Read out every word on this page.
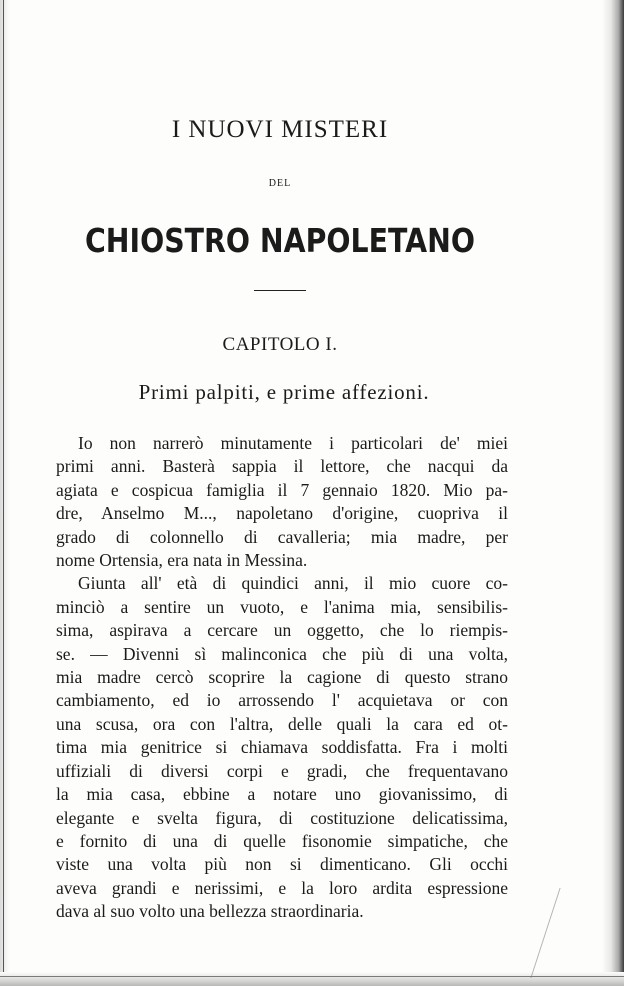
I NUOVI MISTERI
DEL
CHIOSTRO NAPOLETANO
CAPITOLO I.
Primi palpiti, e prime affezioni.

Io non narrerò minutamente i particolari de' miei
primi anni. Basterà sappia il lettore, che nacqui da
agiata e cospicua famiglia il 7 gennaio 1820. Mio pa-
dre, Anselmo M..., napoletano d'origine, cuopriva il
grado di colonnello di cavalleria; mia madre, per
nome Ortensia, era nata in Messina.

Giunta all' età di quindici anni, il mio cuore co-
minciò a sentire un vuoto, e l'anima mia, sensibilis-
sima, aspirava a cercare un oggetto, che lo riempis-
se. — Divenni sì malinconica che più di una volta,
mia madre cercò scoprire la cagione di questo strano
cambiamento, ed io arrossendo l' acquietava or con
una scusa, ora con l'altra, delle quali la cara ed ot-
tima mia genitrice si chiamava soddisfatta. Fra i molti
uffiziali di diversi corpi e gradi, che frequentavano
la mia casa, ebbine a notare uno giovanissimo, di
elegante e svelta figura, di costituzione delicatissima,
e fornito di una di quelle fisonomie simpatiche, che
viste una volta più non si dimenticano. Gli occhi
aveva grandi e nerissimi, e la loro ardita espressione
dava al suo volto una bellezza straordinaria.
